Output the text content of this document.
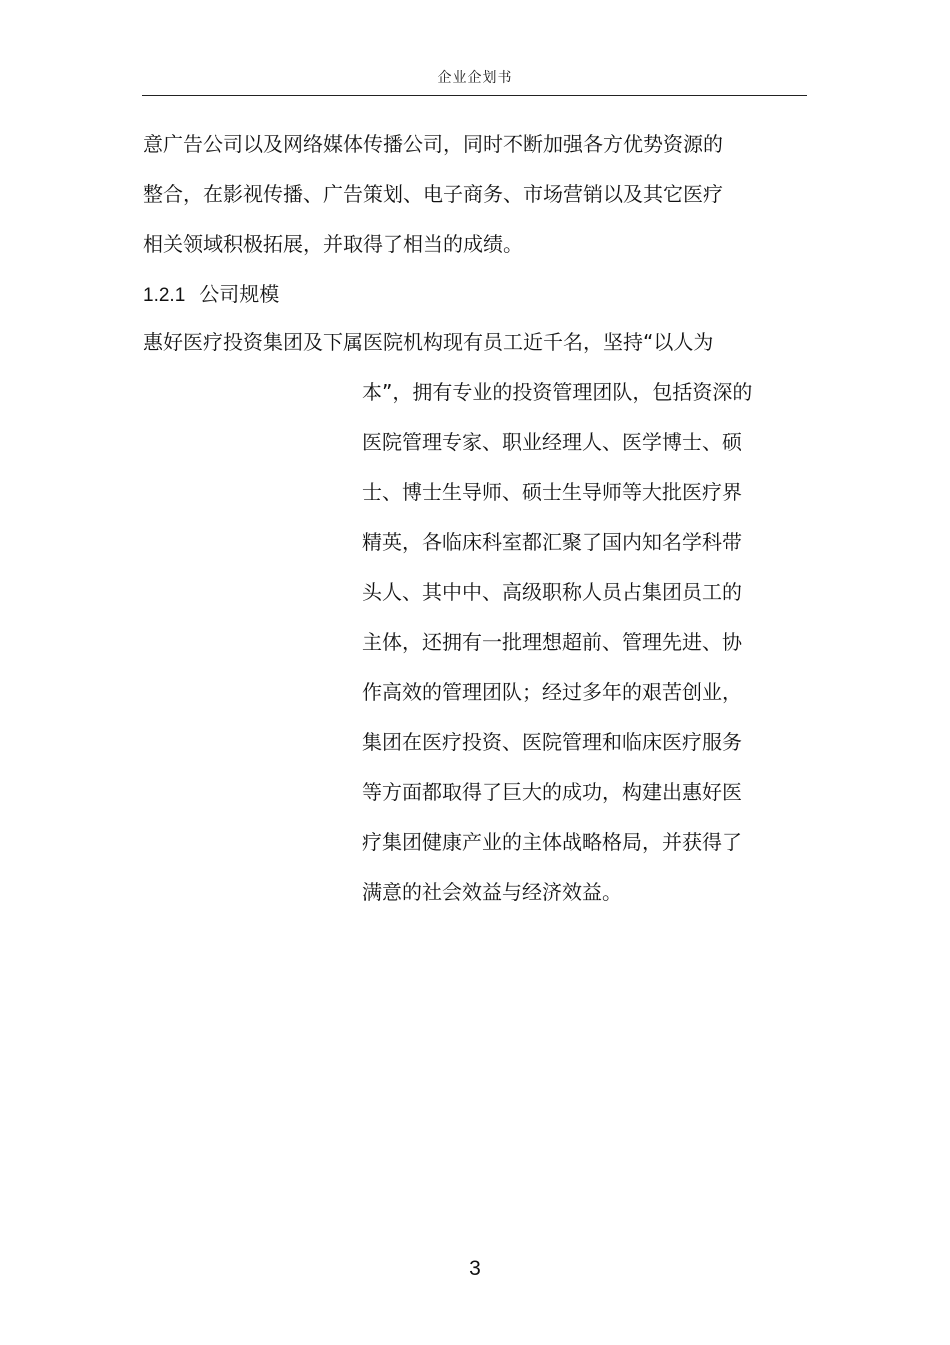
企业企划书
意广告公司以及网络媒体传播公司，同时不断加强各方优势资源的
整合，在影视传播、广告策划、电子商务、市场营销以及其它医疗
相关领域积极拓展，并取得了相当的成绩。
1.2.1 公司规模
惠好医疗投资集团及下属医院机构现有员工近千名，坚持“以人为
本”，拥有专业的投资管理团队，包括资深的
医院管理专家、职业经理人、医学博士、硕
士、博士生导师、硕士生导师等大批医疗界
精英，各临床科室都汇聚了国内知名学科带
头人、其中中、高级职称人员占集团员工的
主体，还拥有一批理想超前、管理先进、协
作高效的管理团队；经过多年的艰苦创业，
集团在医疗投资、医院管理和临床医疗服务
等方面都取得了巨大的成功，构建出惠好医
疗集团健康产业的主体战略格局，并获得了
满意的社会效益与经济效益。
3
